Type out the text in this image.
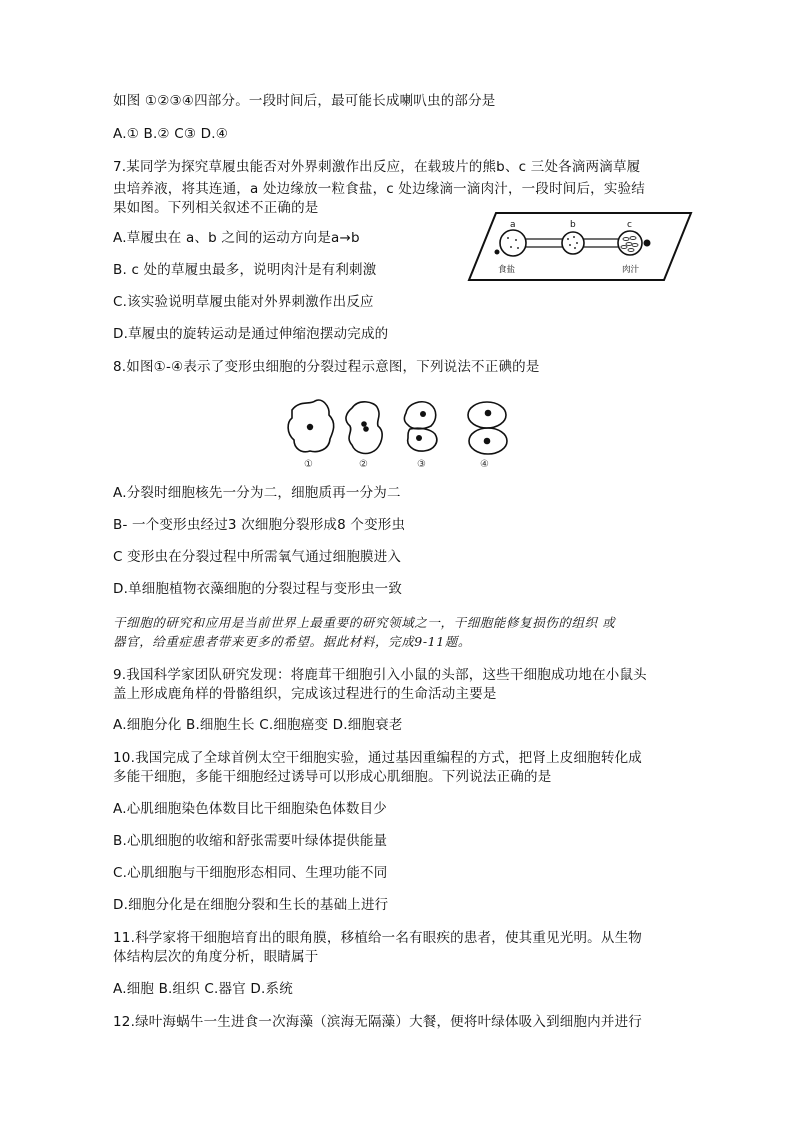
如图 ①②③④四部分。一段时间后，最可能长成喇叭虫的部分是
A.① B.② C③ D.④
7.某同学为探究草履虫能否对外界刺激作出反应，在载玻片的熊b、c 三处各滴两滴草履
虫培养液，将其连通，a 处边缘放一粒食盐，c 处边缘滴一滴肉汁，一段时间后，实验结
果如图。下列相关叙述不正确的是
A.草履虫在 a、b 之间的运动方向是a→b
B. c 处的草履虫最多，说明肉汁是有利刺激
C.该实验说明草履虫能对外界刺激作出反应
D.草履虫的旋转运动是通过伸缩泡摆动完成的
a	b	c
食盐	肉汁
8.如图①-④表示了变形虫细胞的分裂过程示意图，下列说法不正碘的是
①	②	③	④
A.分裂时细胞核先一分为二，细胞质再一分为二
B- 一个变形虫经过3 次细胞分裂形成8 个变形虫
C 变形虫在分裂过程中所需氧气通过细胞膜进入
D.单细胞植物衣藻细胞的分裂过程与变形虫一致
干细胞的研究和应用是当前世界上最重要的研究领域之一，干细胞能修复损伤的组织 或
器官，给重症患者带来更多的希望。据此材料，完成9-11题。
9.我国科学家团队研究发现：将鹿茸干细胞引入小鼠的头部，这些干细胞成功地在小鼠头
盖上形成鹿角样的骨骼组织，完成该过程进行的生命活动主要是
A.细胞分化 B.细胞生长 C.细胞癌变 D.细胞衰老
10.我国完成了全球首例太空干细胞实验，通过基因重编程的方式，把肾上皮细胞转化成
多能干细胞，多能干细胞经过诱导可以形成心肌细胞。下列说法正确的是
A.心肌细胞染色体数目比干细胞染色体数目少
B.心肌细胞的收缩和舒张需要叶绿体提供能量
C.心肌细胞与干细胞形态相同、生理功能不同
D.细胞分化是在细胞分裂和生长的基础上进行
11.科学家将干细胞培育出的眼角膜，移植给一名有眼疾的患者，使其重见光明。从生物
体结构层次的角度分析，眼睛属于
A.细胞 B.组织 C.器官 D.系统
12.绿叶海蜗牛一生进食一次海藻（滨海无隔藻）大餐，便将叶绿体吸入到细胞内并进行
